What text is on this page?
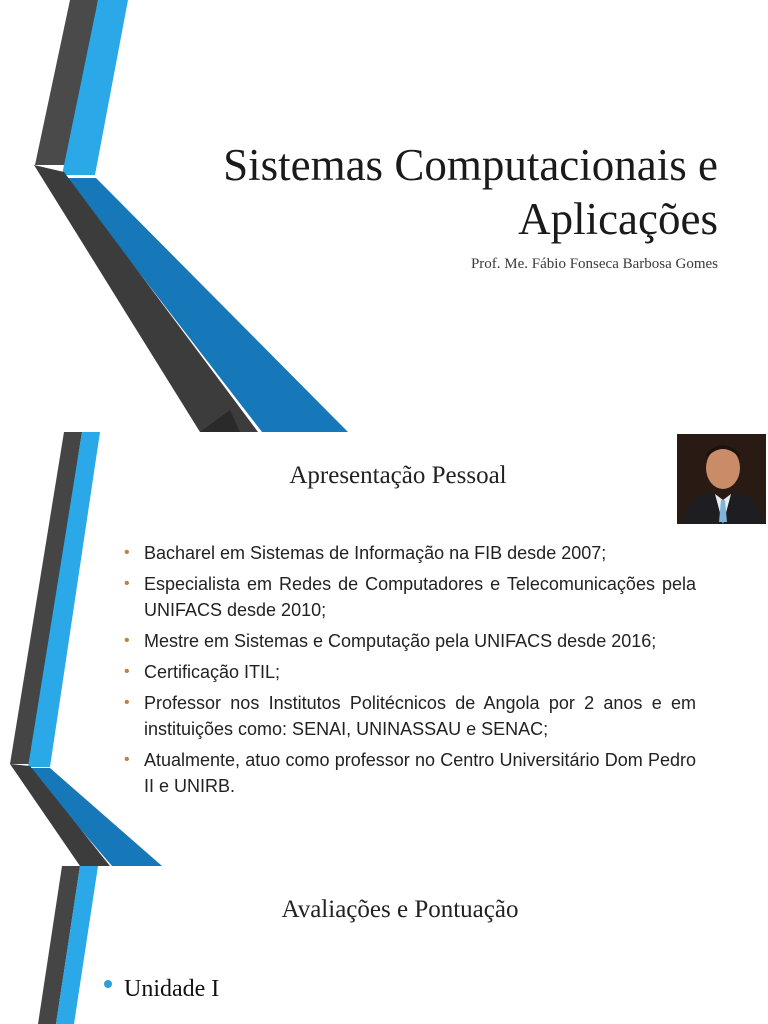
Sistemas Computacionais e
Aplicações
Prof. Me. Fábio Fonseca Barbosa Gomes
Apresentação Pessoal
• Bacharel em Sistemas de Informação na FIB desde 2007;
• Especialista em Redes de Computadores e Telecomunicações pela UNIFACS desde 2010;
• Mestre em Sistemas e Computação pela UNIFACS desde 2016;
• Certificação ITIL;
• Professor nos Institutos Politécnicos de Angola por 2 anos e em instituições como: SENAI, UNINASSAU e SENAC;
• Atualmente, atuo como professor no Centro Universitário Dom Pedro II e UNIRB.
Avaliações e Pontuação
Unidade I
